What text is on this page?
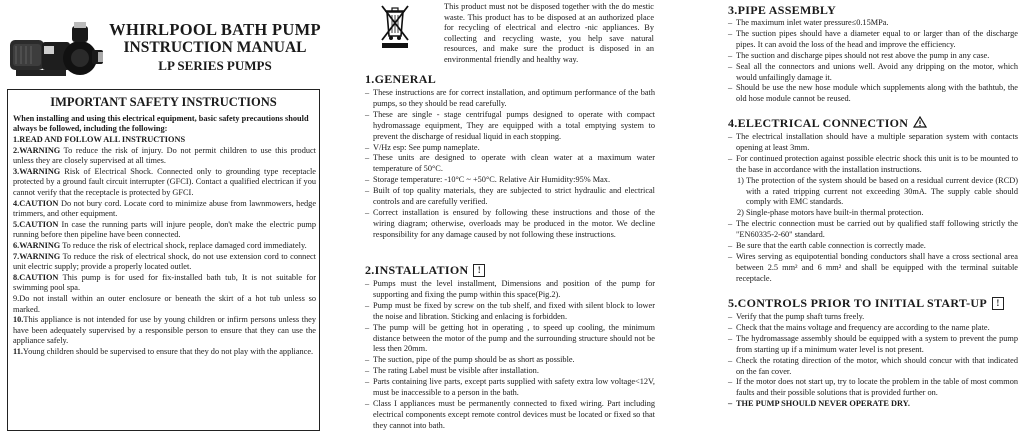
WHIRLPOOL BATH PUMP
INSTRUCTION MANUAL
LP SERIES PUMPS
IMPORTANT SAFETY INSTRUCTIONS
When installing and using this electrical equipment, basic safety precautions should always be followed, including the following:

1.READ AND FOLLOW ALL INSTRUCTIONS

2.WARNING To reduce the risk of injury. Do not permit children to use this product unless they are closely supervised at all times.

3.WARNING Risk of Electrical Shock. Connected only to grounding type receptacle protected by a ground fault circuit interrupter (GFCI). Contact a qualified electrican if you cannot verify that the receptacle is protected by GFCI.

4.CAUTION Do not bury cord. Locate cord to minimize abuse from lawnmowers, hedge trimmers, and other equipment.

5.CAUTION In case the running parts will injure people, don't make the electric pump running before then pipeline have been connected.

6.WARNING To reduce the risk of electrical shock, replace damaged cord immediately.

7.WARNING To reduce the risk of electrical shock, do not use extension cord to connect unit electric supply; provide a properly located outlet.

8.CAUTION This pump is for used for fix-installed bath tub, It is not suitable for swimming pool spa.

9.Do not install within an outer enclosure or beneath the skirt of a hot tub unless so marked.

10.This appliance is not intended for use by young children or infirm persons unless they have been adequately supervised by a responsible person to ensure that they can use the appliance safely.

11.Young children should be supervised to ensure that they do not play with the appliance.

This product must not be disposed together with the do mestic waste. This product has to be disposed at an authorized place for recycling of electrical and electro -nic appliances. By collecting and recycling waste, you help save natural resources, and make sure the product is disposed in an environmental friendly and healthy way.
1.GENERAL

– These instructions are for correct installation, and optimum performance of the bath pumps, so they should be read carefully.

– These are single - stage centrifugal pumps designed to operate with compact hydromassage equipment, They are equipped with a total emptying system to prevent the discharge of residual liquid in each stopping.

– V/Hz esp: See pump nameplate.

– These units are designed to operate with clean water at a maximum water temperature of 50°C.

– Storage temperature: -10°C ~ +50°C. Relative Air Humidity:95% Max.

– Built of top quality materials, they are subjected to strict hydraulic and electrical controls and are carefully verified.

– Correct installation is ensured by following these instructions and those of the wiring diagram; otherwise, overloads may be produced in the motor. We decline responsibility for any damage caused by not following these instructions.

2.INSTALLATION !

– Pumps must the level installment, Dimensions and position of the pump for supporting and fixing the pump within this space(Pig.2).

– Pump must be fixed by screw on the tub shelf, and fixed with silent block to lower the noise and libration. Sticking and enlacing is forbidden.

– The pump will be getting hot in operating , to speed up cooling, the minimum distance between the motor of the pump and the surrounding structure should not be less then 20mm.

– The suction, pipe of the pump should be as short as possible.

– The rating Label must be visible after installation.

– Parts containing live parts, except parts supplied with safety extra low voltage<12V, must be inaccessible to a person in the bath.

– Class I appliances must be permanently connected to fixed wiring. Part including electrical components except remote control devices must be located or fixed so that they cannot into bath.

3.PIPE ASSEMBLY

– The maximum inlet water pressure≤0.15MPa.

– The suction pipes should have a diameter equal to or larger than of the discharge pipes. It can avoid the loss of the head and improve the efficiency.

– The suction and discharge pipes should not rest above the pump in any case.

– Seal all the connectors and unions well. Avoid any dripping on the motor, which would unfailingly damage it.

– Should be use the new hose module which supplements along with the bathtub, the old hose module cannot be reused.

4.ELECTRICAL CONNECTION

– The electrical installation should have a multiple separation system with contacts opening at least 3mm.

– For continued protection against possible electric shock this unit is to be mounted to the base in accordance with the installation instructions.

1) The protection of the system should be based on a residual current device (RCD) with a rated tripping current not exceeding 30mA. The supply cable should comply with EMC standards.

2) Single-phase motors have built-in thermal protection.

– The electric connection must be carried out by qualified staff following strictly the "EN60335-2-60" standard.

– Be sure that the earth cable connection is correctly made.

– Wires serving as equipotential bonding conductors shall have a cross sectional area between 2.5 mm² and 6 mm² and shall be equipped with the terminal suitable receptacle.

5.CONTROLS PRIOR TO INITIAL START-UP !

– Verify that the pump shaft turns freely.

– Check that the mains voltage and frequency are according to the name plate.

– The hydromassage assembly should be equipped with a system to prevent the pump from starting up if a minimum water level is not present.

– Check the rotating direction of the motor, which should concur with that indicated on the fan cover.

– If the motor does not start up, try to locate the problem in the table of most common faults and their possible solutions that is provided further on.

– THE PUMP SHOULD NEVER OPERATE DRY.
